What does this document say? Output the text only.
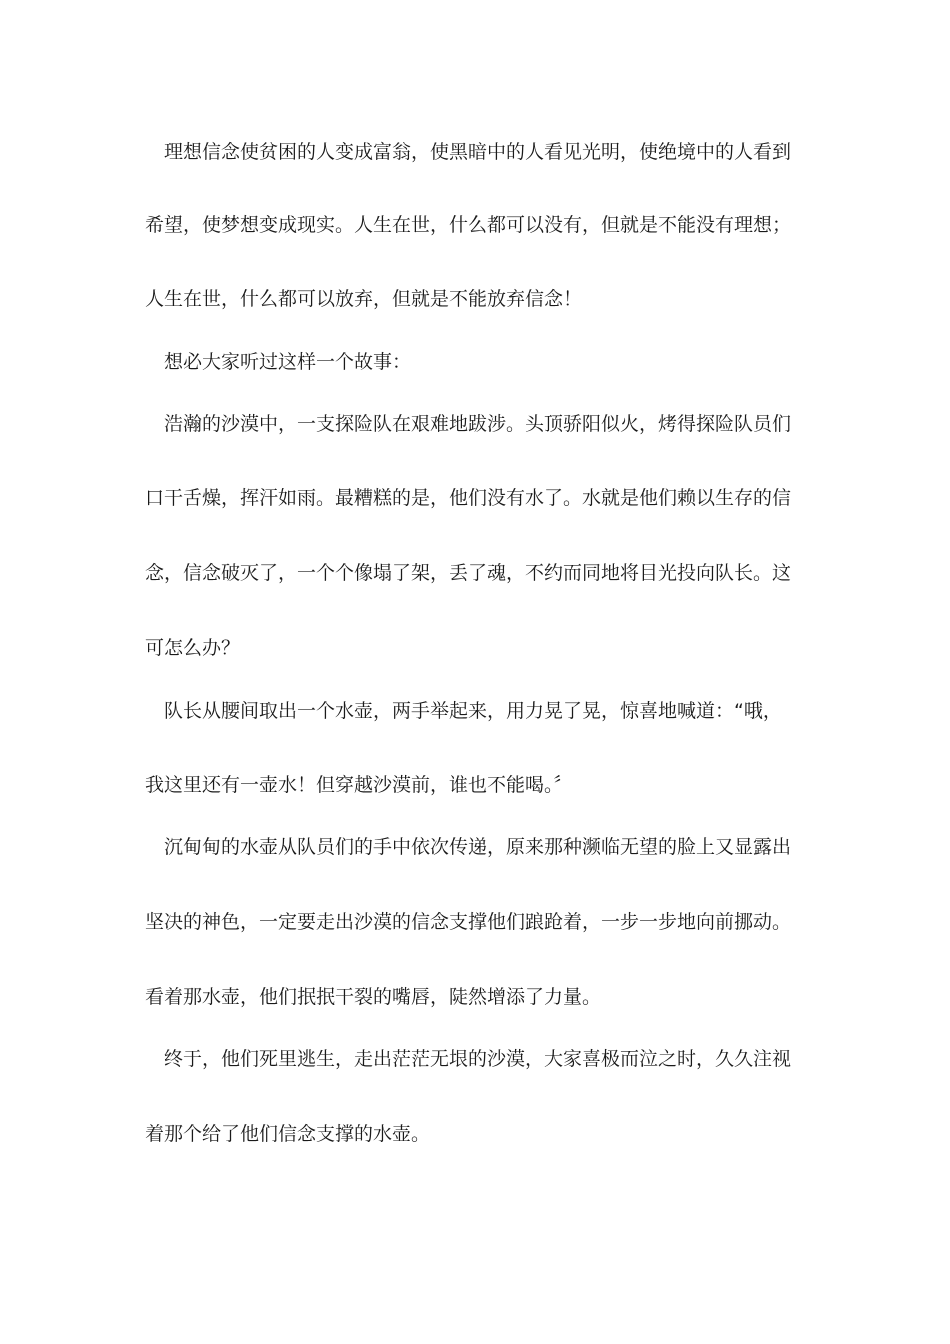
理想信念使贫困的人变成富翁，使黑暗中的人看见光明，使绝境中的人看到
希望，使梦想变成现实。人生在世，什么都可以没有，但就是不能没有理想；
人生在世，什么都可以放弃，但就是不能放弃信念！
想必大家听过这样一个故事：
浩瀚的沙漠中，一支探险队在艰难地跋涉。头顶骄阳似火，烤得探险队员们
口干舌燥，挥汗如雨。最糟糕的是，他们没有水了。水就是他们赖以生存的信
念，信念破灭了，一个个像塌了架，丢了魂，不约而同地将目光投向队长。这
可怎么办？
队长从腰间取出一个水壶，两手举起来，用力晃了晃，惊喜地喊道：“哦，
我这里还有一壶水！但穿越沙漠前，谁也不能喝。〞
沉甸甸的水壶从队员们的手中依次传递，原来那种濒临无望的脸上又显露出
坚决的神色，一定要走出沙漠的信念支撑他们踉跄着，一步一步地向前挪动。
看着那水壶，他们抿抿干裂的嘴唇，陡然增添了力量。
终于，他们死里逃生，走出茫茫无垠的沙漠，大家喜极而泣之时，久久注视
着那个给了他们信念支撑的水壶。
